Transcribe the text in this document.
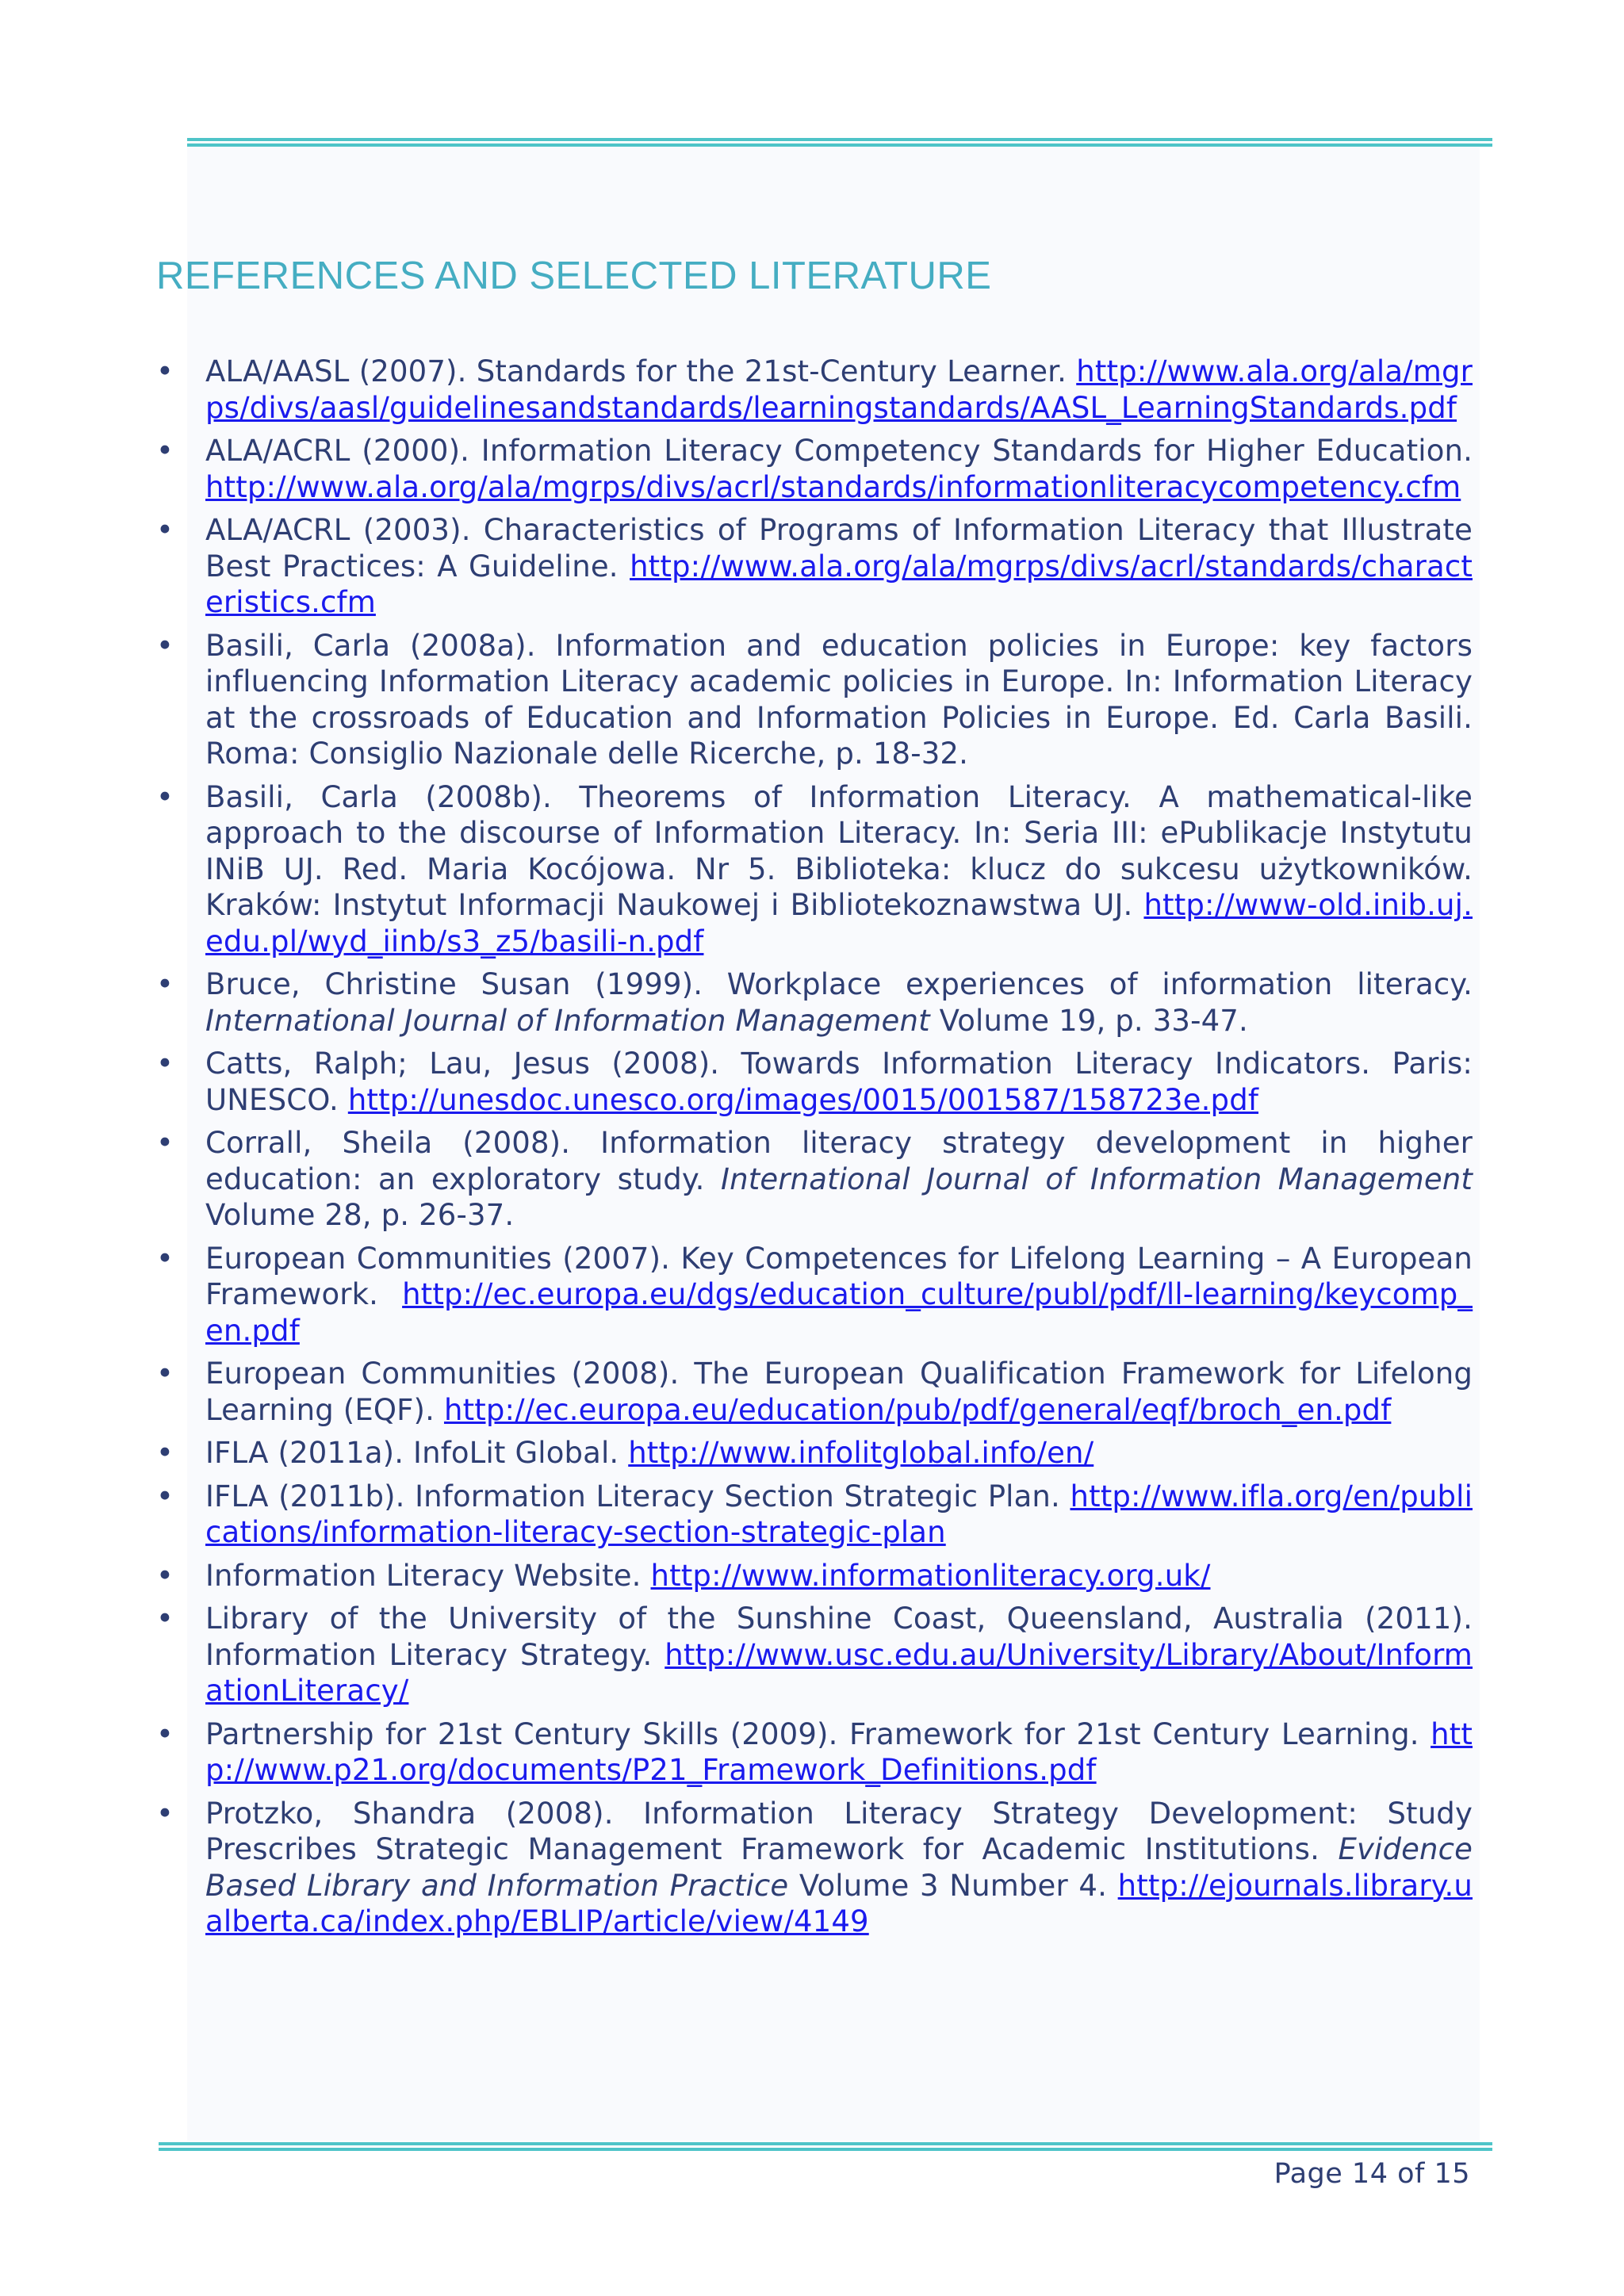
REFERENCES AND SELECTED LITERATURE
• ALA/AASL (2007). Standards for the 21st-Century Learner. http://www.ala.org/ala/mgrps/divs/aasl/guidelinesandstandards/learningstandards/AASL_LearningStandards.pdf
• ALA/ACRL (2000). Information Literacy Competency Standards for Higher Education. http://www.ala.org/ala/mgrps/divs/acrl/standards/informationliteracycompetency.cfm
• ALA/ACRL (2003). Characteristics of Programs of Information Literacy that Illustrate Best Practices: A Guideline. http://www.ala.org/ala/mgrps/divs/acrl/standards/characteristics.cfm
• Basili, Carla (2008a). Information and education policies in Europe: key factors influencing Information Literacy academic policies in Europe. In: Information Literacy at the crossroads of Education and Information Policies in Europe. Ed. Carla Basili. Roma: Consiglio Nazionale delle Ricerche, p. 18-32.
• Basili, Carla (2008b). Theorems of Information Literacy. A mathematical-like approach to the discourse of Information Literacy. In: Seria III: ePublikacje Instytutu INiB UJ. Red. Maria Kocójowa. Nr 5. Biblioteka: klucz do sukcesu użytkowników. Kraków: Instytut Informacji Naukowej i Bibliotekoznawstwa UJ. http://www-old.inib.uj.edu.pl/wyd_iinb/s3_z5/basili-n.pdf
• Bruce, Christine Susan (1999). Workplace experiences of information literacy. International Journal of Information Management Volume 19, p. 33-47.
• Catts, Ralph; Lau, Jesus (2008). Towards Information Literacy Indicators. Paris: UNESCO. http://unesdoc.unesco.org/images/0015/001587/158723e.pdf
• Corrall, Sheila (2008). Information literacy strategy development in higher education: an exploratory study. International Journal of Information Management Volume 28, p. 26-37.
• European Communities (2007). Key Competences for Lifelong Learning – A European Framework. http://ec.europa.eu/dgs/education_culture/publ/pdf/ll-learning/keycomp_en.pdf
• European Communities (2008). The European Qualification Framework for Lifelong Learning (EQF). http://ec.europa.eu/education/pub/pdf/general/eqf/broch_en.pdf
• IFLA (2011a). InfoLit Global. http://www.infolitglobal.info/en/
• IFLA (2011b). Information Literacy Section Strategic Plan. http://www.ifla.org/en/publications/information-literacy-section-strategic-plan
• Information Literacy Website. http://www.informationliteracy.org.uk/
• Library of the University of the Sunshine Coast, Queensland, Australia (2011). Information Literacy Strategy. http://www.usc.edu.au/University/Library/About/InformationLiteracy/
• Partnership for 21st Century Skills (2009). Framework for 21st Century Learning. http://www.p21.org/documents/P21_Framework_Definitions.pdf
• Protzko, Shandra (2008). Information Literacy Strategy Development: Study Prescribes Strategic Management Framework for Academic Institutions. Evidence Based Library and Information Practice Volume 3 Number 4. http://ejournals.library.ualberta.ca/index.php/EBLIP/article/view/4149
Page 14 of 15
